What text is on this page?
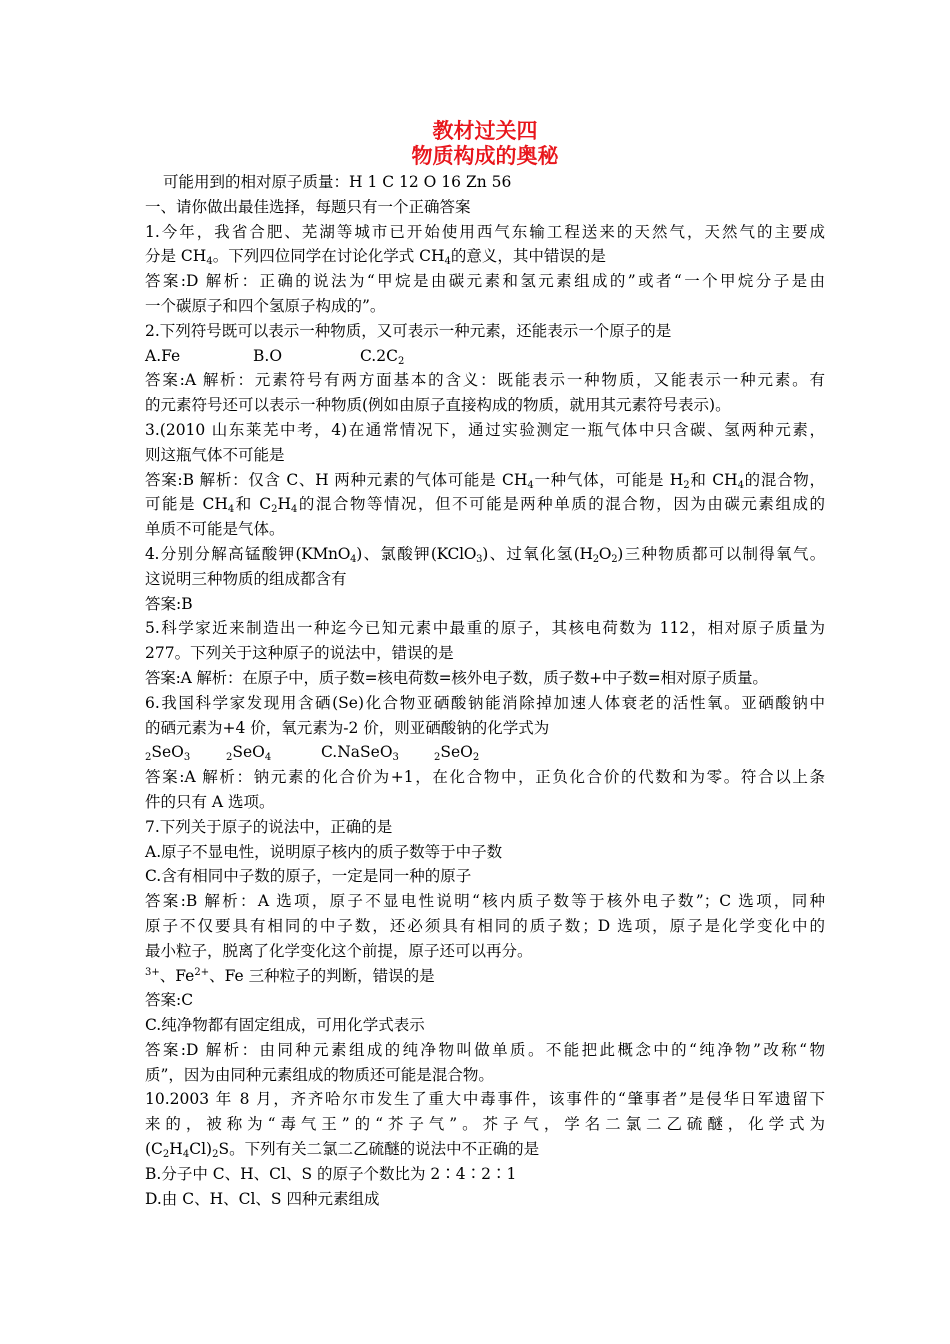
教材过关四
物质构成的奥秘
可能用到的相对原子质量：H 1 C 12 O 16 Zn 56
一、请你做出最佳选择，每题只有一个正确答案
1.今年，我省合肥、芜湖等城市已开始使用西气东输工程送来的天然气，天然气的主要成
分是 $CH_4$。下列四位同学在讨论化学式 $CH_4$的意义，其中错误的是
答案:D 解析：正确的说法为“甲烷是由碳元素和氢元素组成的”或者“一个甲烷分子是由
一个碳原子和四个氢原子构成的”。
2.下列符号既可以表示一种物质，又可表示一种元素，还能表示一个原子的是
A.Fe	B.O	$C.2C_2$
答案:A 解析：元素符号有两方面基本的含义：既能表示一种物质，又能表示一种元素。有
的元素符号还可以表示一种物质(例如由原子直接构成的物质，就用其元素符号表示)。
3.(2010 山东莱芜中考，4)在通常情况下，通过实验测定一瓶气体中只含碳、氢两种元素，
则这瓶气体不可能是
答案:B 解析：仅含 C、H 两种元素的气体可能是 $CH_4$一种气体，可能是 $H_2$和 $CH_4$的混合物，
可能是 $CH_4$和 $C_2H_4$的混合物等情况，但不可能是两种单质的混合物，因为由碳元素组成的
单质不可能是气体。
4.分别分解高锰酸钾(KMnO$_4$)、氯酸钾(KClO$_3$)、过氧化氢$(H_2O_2)$三种物质都可以制得氧气。
这说明三种物质的组成都含有
答案:B
5.科学家近来制造出一种迄今已知元素中最重的原子，其核电荷数为 112，相对原子质量为
277。下列关于这种原子的说法中，错误的是
答案:A 解析：在原子中，质子数=核电荷数=核外电子数，质子数+中子数=相对原子质量。
6.我国科学家发现用含硒(Se)化合物亚硒酸钠能消除掉加速人体衰老的活性氧。亚硒酸钠中
的硒元素为+4 价，氧元素为-2 价，则亚硒酸钠的化学式为
$_2$SeO$_3$	$_2$SeO$_4$	C.NaSeO$_3$	$_2$SeO$_2$
答案:A 解析：钠元素的化合价为+1，在化合物中，正负化合价的代数和为零。符合以上条
件的只有 A 选项。
7.下列关于原子的说法中，正确的是
A.原子不显电性，说明原子核内的质子数等于中子数
C.含有相同中子数的原子，一定是同一种的原子
答案:B 解析：A 选项，原子不显电性说明“核内质子数等于核外电子数”；C 选项，同种
原子不仅要具有相同的中子数，还必须具有相同的质子数；D 选项，原子是化学变化中的
最小粒子，脱离了化学变化这个前提，原子还可以再分。
$^{3+}$、$Fe^{2+}$、Fe 三种粒子的判断，错误的是
答案:C
C.纯净物都有固定组成，可用化学式表示
答案:D 解析：由同种元素组成的纯净物叫做单质。不能把此概念中的“纯净物”改称“物
质”，因为由同种元素组成的物质还可能是混合物。
10.2003 年 8 月，齐齐哈尔市发生了重大中毒事件，该事件的“肇事者”是侵华日军遗留下
来的，被称为“毒气王”的“芥子气”。芥子气，学名二氯二乙硫醚，化学式为
$(C_2H_4Cl)_2S$。下列有关二氯二乙硫醚的说法中不正确的是
B.分子中 C、H、Cl、S 的原子个数比为 2∶4∶2∶1
D.由 C、H、Cl、S 四种元素组成
